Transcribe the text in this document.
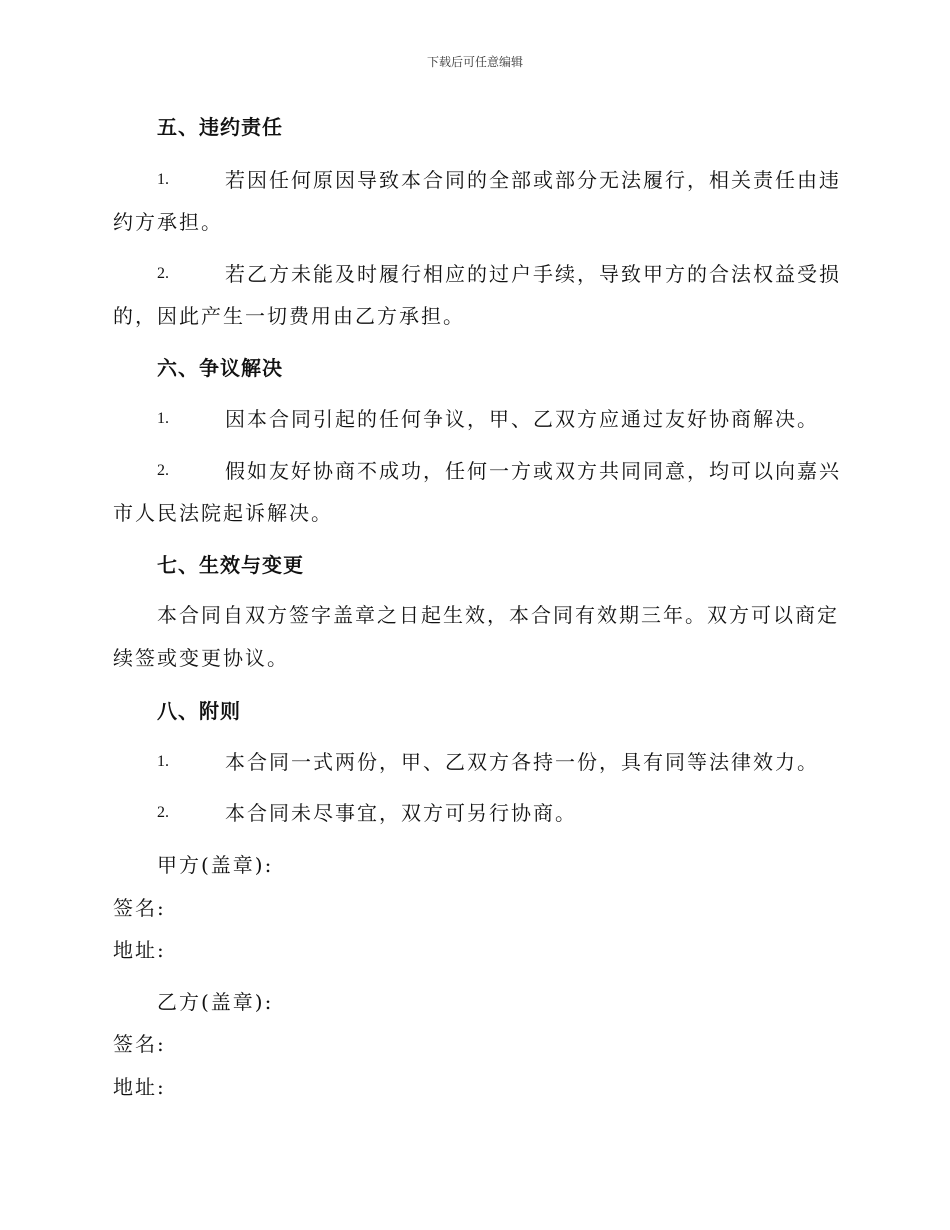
下载后可任意编辑
五、违约责任
1.	若因任何原因导致本合同的全部或部分无法履行，相关责任由违
约方承担。
2.	若乙方未能及时履行相应的过户手续，导致甲方的合法权益受损
的，因此产生一切费用由乙方承担。
六、争议解决
1.	因本合同引起的任何争议，甲、乙双方应通过友好协商解决。
2.	假如友好协商不成功，任何一方或双方共同同意，均可以向嘉兴
市人民法院起诉解决。
七、生效与变更
本合同自双方签字盖章之日起生效，本合同有效期三年。双方可以商定
续签或变更协议。
八、附则
1.	本合同一式两份，甲、乙双方各持一份，具有同等法律效力。
2.	本合同未尽事宜，双方可另行协商。
甲方(盖章):
签名:
地址:
乙方(盖章):
签名:
地址:
